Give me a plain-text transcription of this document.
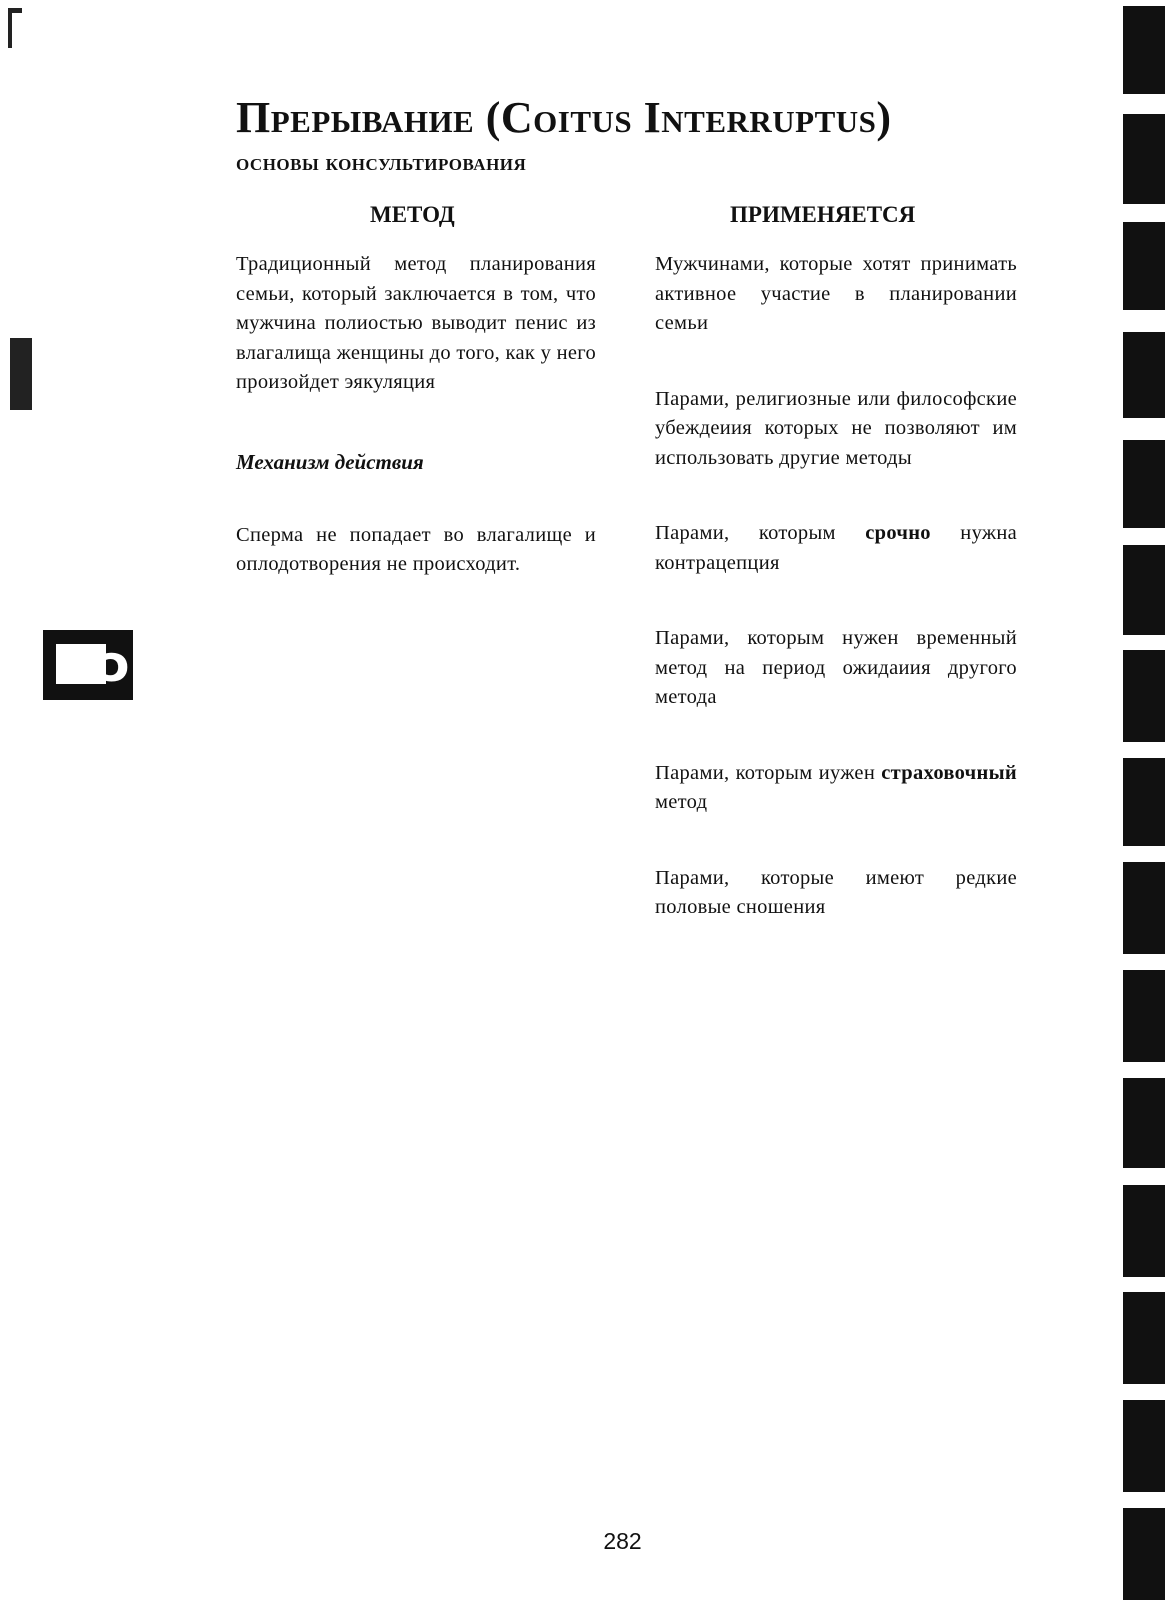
ɔ
Прерывание (Coitus Interruptus)
основы консультирования
МЕТОД	ПРИМЕНЯЕТСЯ

Традиционный метод планирования семьи, который заключается в том, что мужчина полиостью выводит пенис из влагалища женщины до того, как у него произойдет эякуляция

Механизм действия

Сперма не попадает во влагалище и оплодотворения не происходит.

Мужчинами, которые хотят принимать активное участие в планировании семьи

Парами, религиозные или философские убеждеиия которых не позволяют им использовать другие методы

Парами, которым срочно нужна контрацепция

Парами, которым нужен временный метод на период ожидаиия другого метода

Парами, которым иужен страховочный метод

Парами, которые имеют редкие половые сношения

282
